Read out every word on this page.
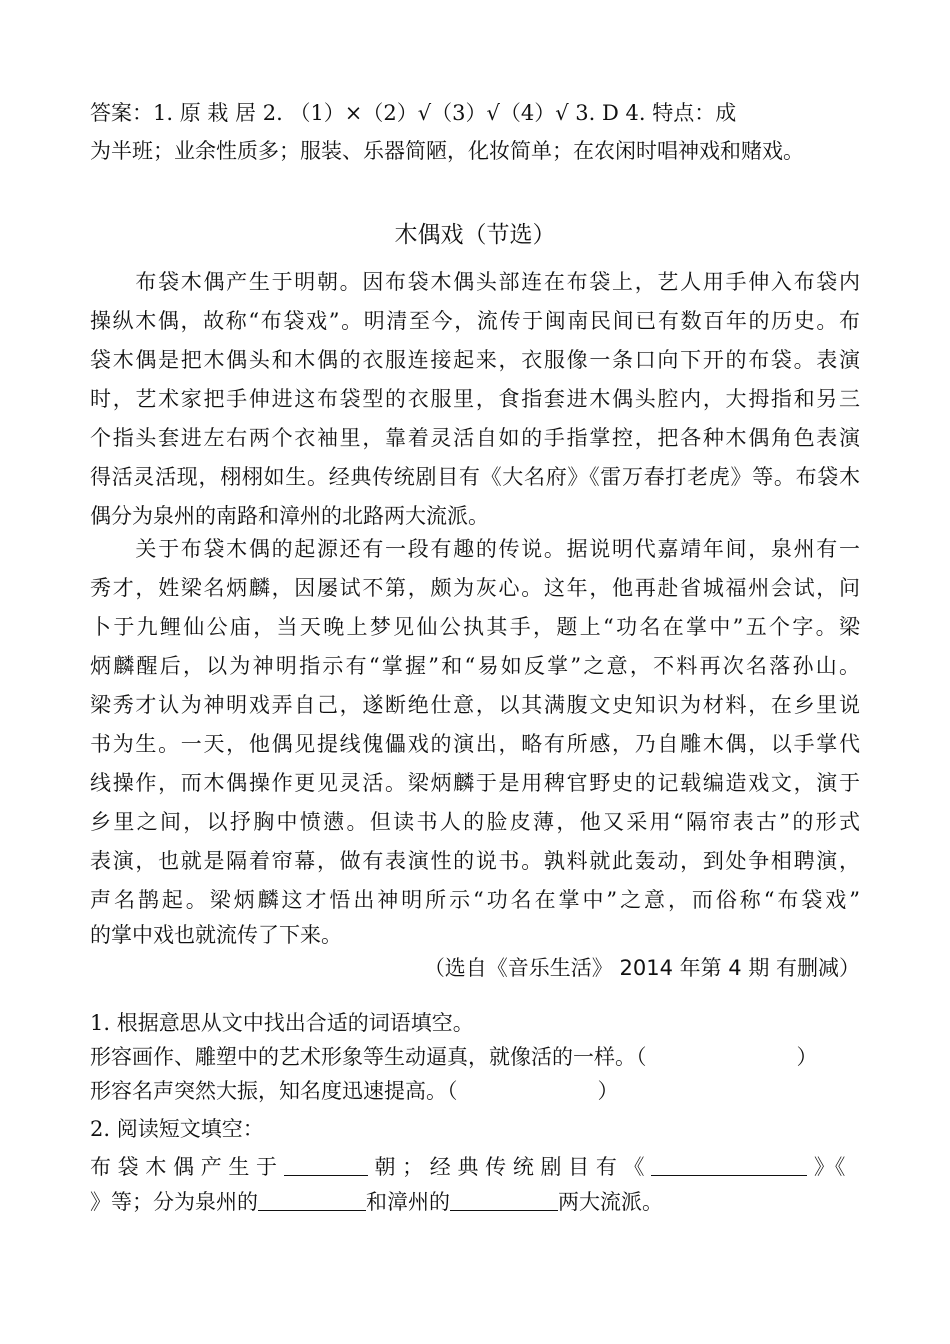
答案：1. 原 栽 居 2. （1）×（2）√（3）√（4）√ 3. D 4. 特点：成
为半班；业余性质多；服装、乐器简陋，化妆简单；在农闲时唱神戏和赌戏。
木偶戏（节选）
　　布袋木偶产生于明朝。因布袋木偶头部连在布袋上，艺人用手伸入布袋内
操纵木偶，故称“布袋戏”。明清至今，流传于闽南民间已有数百年的历史。布
袋木偶是把木偶头和木偶的衣服连接起来，衣服像一条口向下开的布袋。表演
时，艺术家把手伸进这布袋型的衣服里，食指套进木偶头腔内，大拇指和另三
个指头套进左右两个衣袖里，靠着灵活自如的手指掌控，把各种木偶角色表演
得活灵活现，栩栩如生。经典传统剧目有《大名府》《雷万春打老虎》等。布袋木
偶分为泉州的南路和漳州的北路两大流派。
　　关于布袋木偶的起源还有一段有趣的传说。据说明代嘉靖年间，泉州有一
秀才，姓梁名炳麟，因屡试不第，颇为灰心。这年，他再赴省城福州会试，问
卜于九鲤仙公庙，当天晚上梦见仙公执其手，题上“功名在掌中”五个字。梁
炳麟醒后，以为神明指示有“掌握”和“易如反掌”之意，不料再次名落孙山。
梁秀才认为神明戏弄自己，遂断绝仕意，以其满腹文史知识为材料，在乡里说
书为生。一天，他偶见提线傀儡戏的演出，略有所感，乃自雕木偶，以手掌代
线操作，而木偶操作更见灵活。梁炳麟于是用稗官野史的记载编造戏文，演于
乡里之间，以抒胸中愤懑。但读书人的脸皮薄，他又采用“隔帘表古”的形式
表演，也就是隔着帘幕，做有表演性的说书。孰料就此轰动，到处争相聘演，
声名鹊起。梁炳麟这才悟出神明所示“功名在掌中”之意，而俗称“布袋戏”
的掌中戏也就流传了下来。
（选自《音乐生活》 2014 年第 4 期 有删减）
1. 根据意思从文中找出合适的词语填空。
形容画作、雕塑中的艺术形象等生动逼真，就像活的一样。（	）
形容名声突然大振，知名度迅速提高。（	）
2. 阅读短文填空：
布 袋 木 偶 产 生 于	朝 ； 经 典 传 统 剧 目 有 《	》《
》等；分为泉州的	和漳州的	两大流派。
